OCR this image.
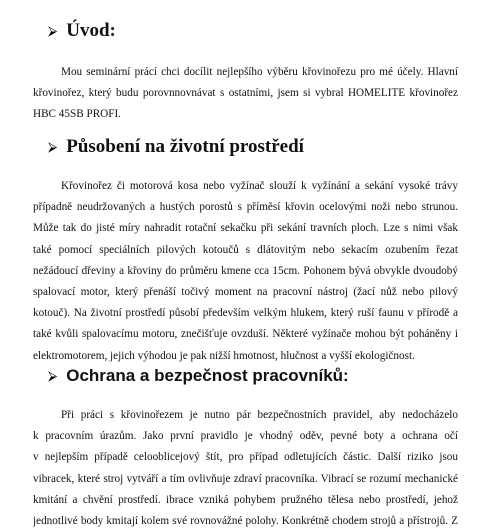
⮚ Úvod:
Mou seminární prácí chci docílit nejlepšího výběru křovinořezu pro mé účely. Hlavní
křovinořez, který budu porovnnovnávat s ostatními, jsem si vybral HOMELITE křovinořez
HBC 45SB PROFI.
⮚ Působení na životní prostředí
Křovinořez či motorová kosa nebo vyžínač slouží k vyžínání a sekání vysoké trávy
případně neudržovaných a hustých porostů s příměsí křovin ocelovými noži nebo strunou.
Může tak do jisté míry nahradit rotační sekačku při sekání travních ploch. Lze s nimi však
také pomocí speciálních pilových kotoučů s dlátovitým nebo sekacím ozubením řezat
nežádoucí dřeviny a křoviny do průměru kmene cca 15cm. Pohonem bývá obvykle dvoudobý
spalovací motor, který přenáší točivý moment na pracovní nástroj (žací nůž nebo pilový
kotouč). Na životní prostředí působí především velkým hlukem, který ruší faunu v přírodě a
také kvůli spalovacímu motoru, znečišťuje ovzduší. Některé vyžínače mohou být poháněny i
elektromotorem, jejich výhodou je pak nižší hmotnost, hlučnost a vyšší ekologičnost.
⮚ Ochrana a bezpečnost pracovníků:
Při práci s křovinořezem je nutno pár bezpečnostních pravidel, aby nedocházelo
k pracovním úrazům. Jako první pravidlo je vhodný oděv, pevné boty a ochrana očí
v nejlepším případě celooblicejový štít, pro případ odletujících částic. Další riziko jsou
vibracek, které stroj vytváří a tím ovlivňuje zdraví pracovníka. Vibrací se rozumí mechanické
kmitání a chvění prostředí. ibrace vzniká pohybem pružného tělesa nebo prostředí, jehož
jednotlivé body kmitají kolem své rovnovážné polohy. Konkrétně chodem strojů a přístrojů. Z
